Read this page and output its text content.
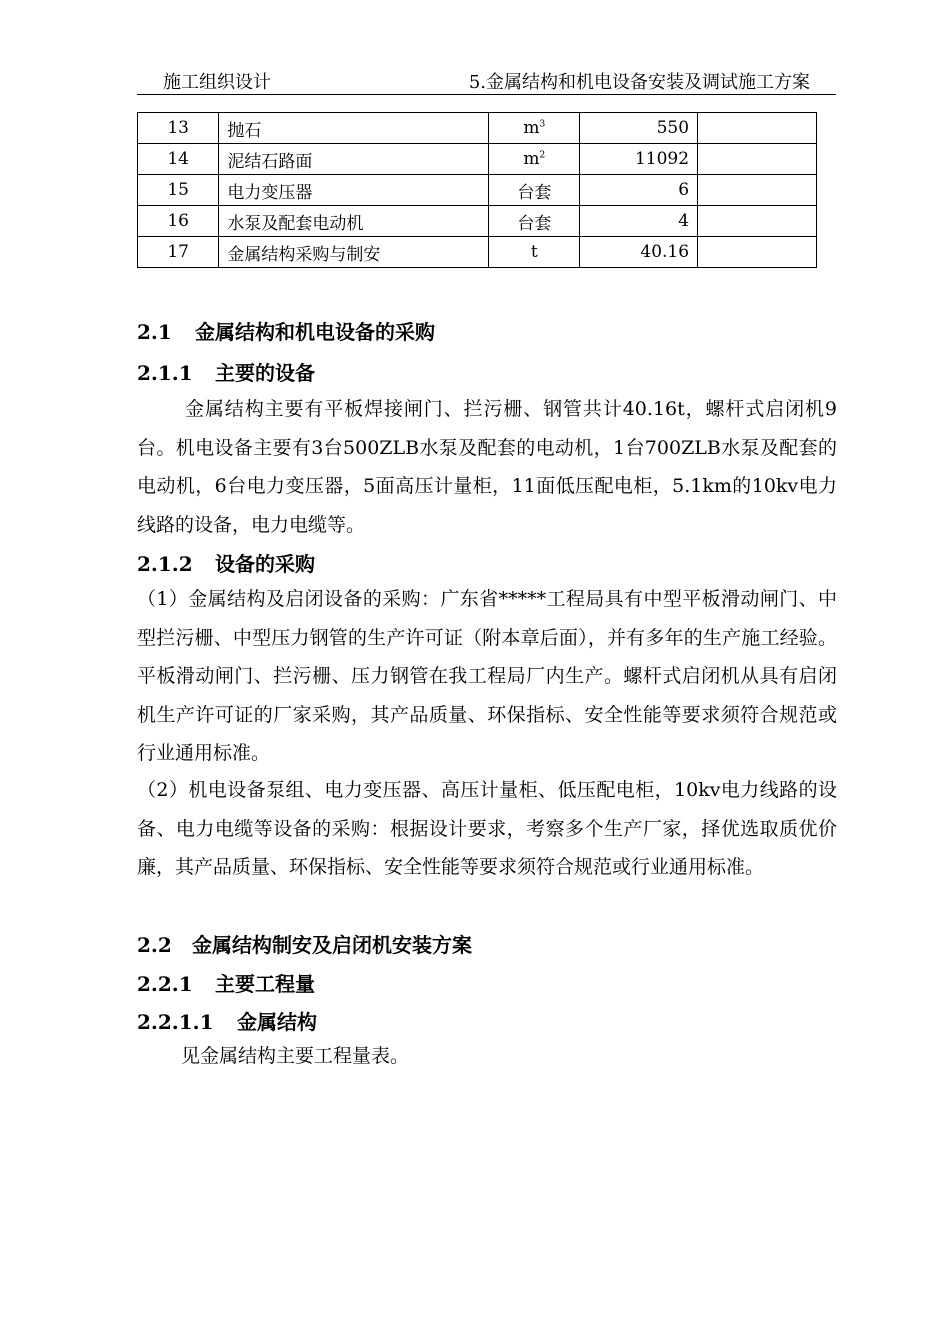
施工组织设计	5.金属结构和机电设备安装及调试施工方案
13	抛石	$m^3$	550	
14	泥结石路面	$m^2$	11092	
15	电力变压器	台套	6	
16	水泵及配套电动机	台套	4	
17	金属结构采购与制安	t	40.16	
2.1 金属结构和机电设备的采购
2.1.1 主要的设备

金属结构主要有平板焊接闸门、拦污栅、钢管共计40.16t，螺杆式启闭机9台。机电设备主要有3台500ZLB水泵及配套的电动机，1台700ZLB水泵及配套的电动机，6台电力变压器，5面高压计量柜，11面低压配电柜，5.1km的10kv电力线路的设备，电力电缆等。

2.1.2 设备的采购

（1）金属结构及启闭设备的采购：广东省*****工程局具有中型平板滑动闸门、中型拦污栅、中型压力钢管的生产许可证（附本章后面），并有多年的生产施工经验。平板滑动闸门、拦污栅、压力钢管在我工程局厂内生产。螺杆式启闭机从具有启闭机生产许可证的厂家采购，其产品质量、环保指标、安全性能等要求须符合规范或行业通用标准。

（2）机电设备泵组、电力变压器、高压计量柜、低压配电柜，10kv电力线路的设备、电力电缆等设备的采购：根据设计要求，考察多个生产厂家，择优选取质优价廉，其产品质量、环保指标、安全性能等要求须符合规范或行业通用标准。

2.2 金属结构制安及启闭机安装方案
2.2.1 主要工程量
2.2.1.1 金属结构

见金属结构主要工程量表。
